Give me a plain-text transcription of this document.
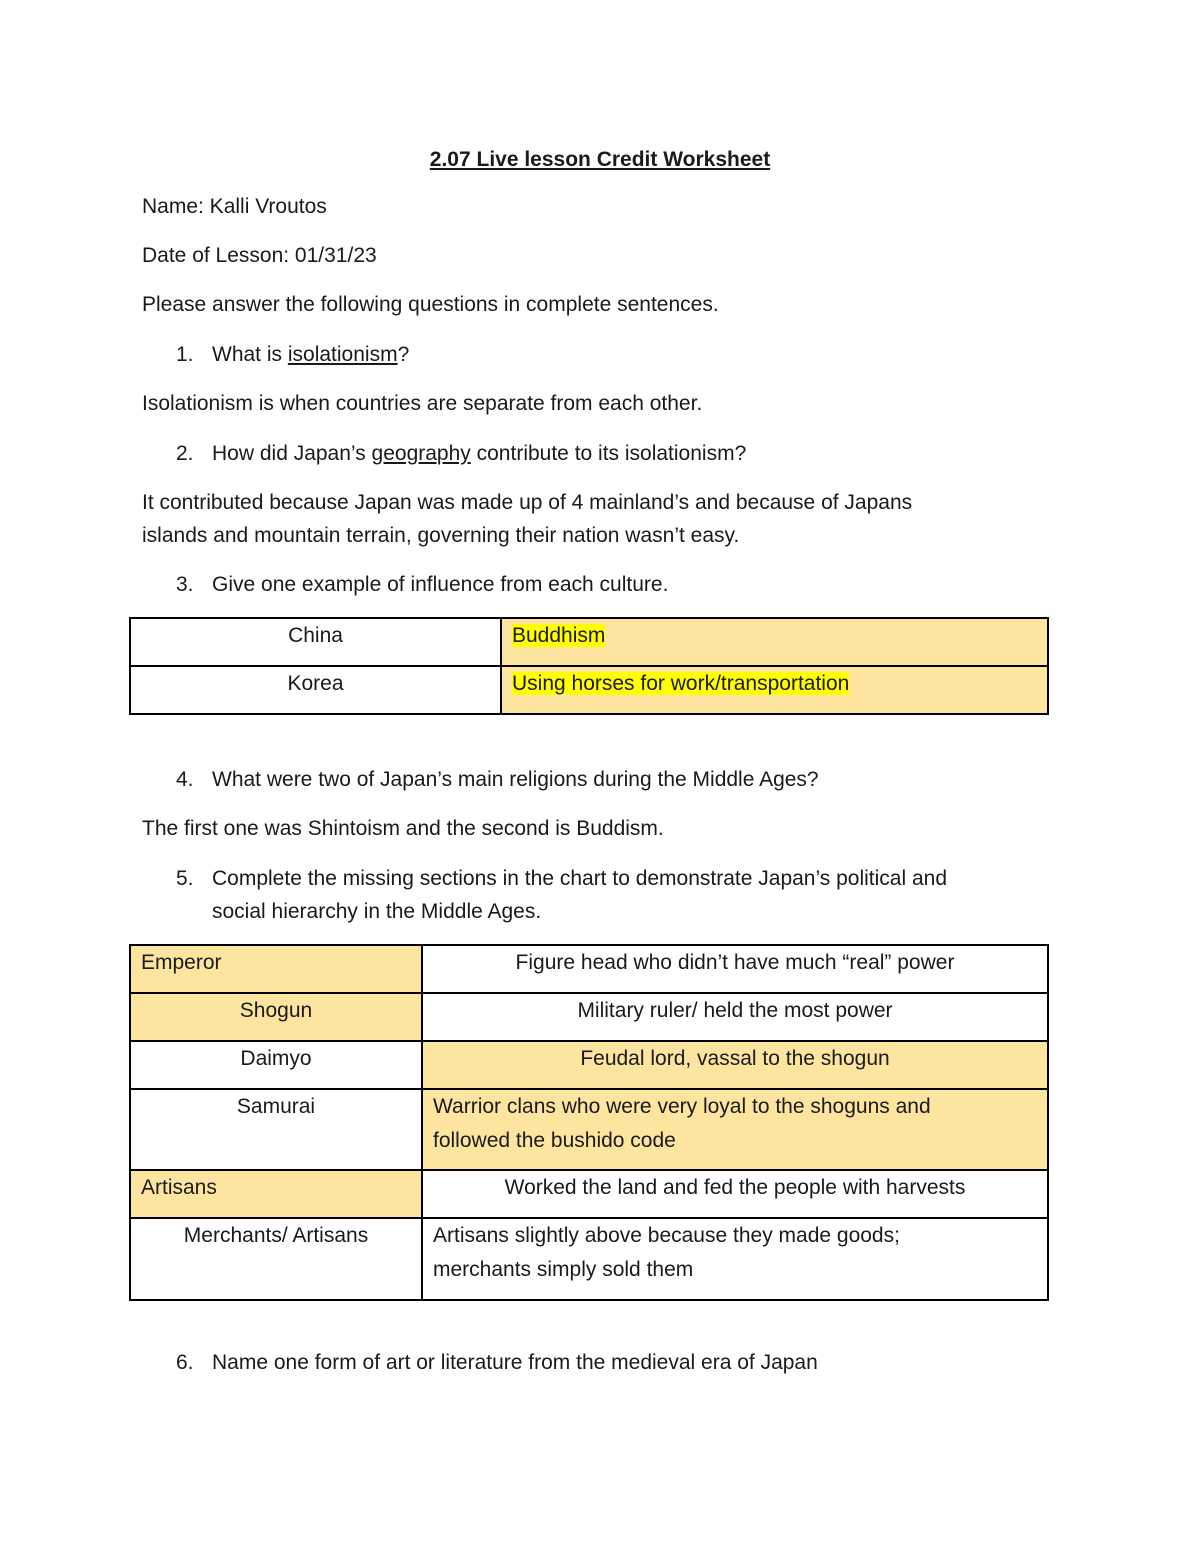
2.07 Live lesson Credit Worksheet
Name: Kalli Vroutos
Date of Lesson: 01/31/23
Please answer the following questions in complete sentences.
1. What is isolationism?
Isolationism is when countries are separate from each other.
2. How did Japan’s geography contribute to its isolationism?
It contributed because Japan was made up of 4 mainland’s and because of Japans
islands and mountain terrain, governing their nation wasn’t easy.
3. Give one example of influence from each culture.
China	Buddhism
Korea	Using horses for work/transportation
4. What were two of Japan’s main religions during the Middle Ages?
The first one was Shintoism and the second is Buddism.
5. Complete the missing sections in the chart to demonstrate Japan’s political and
social hierarchy in the Middle Ages.
Emperor	Figure head who didn’t have much “real” power
Shogun	Military ruler/ held the most power
Daimyo	Feudal lord, vassal to the shogun
Samurai	Warrior clans who were very loyal to the shoguns and
followed the bushido code

Artisans	Worked the land and fed the people with harvests
Merchants/ Artisans	Artisans slightly above because they made goods;
merchants simply sold them
6. Name one form of art or literature from the medieval era of Japan
